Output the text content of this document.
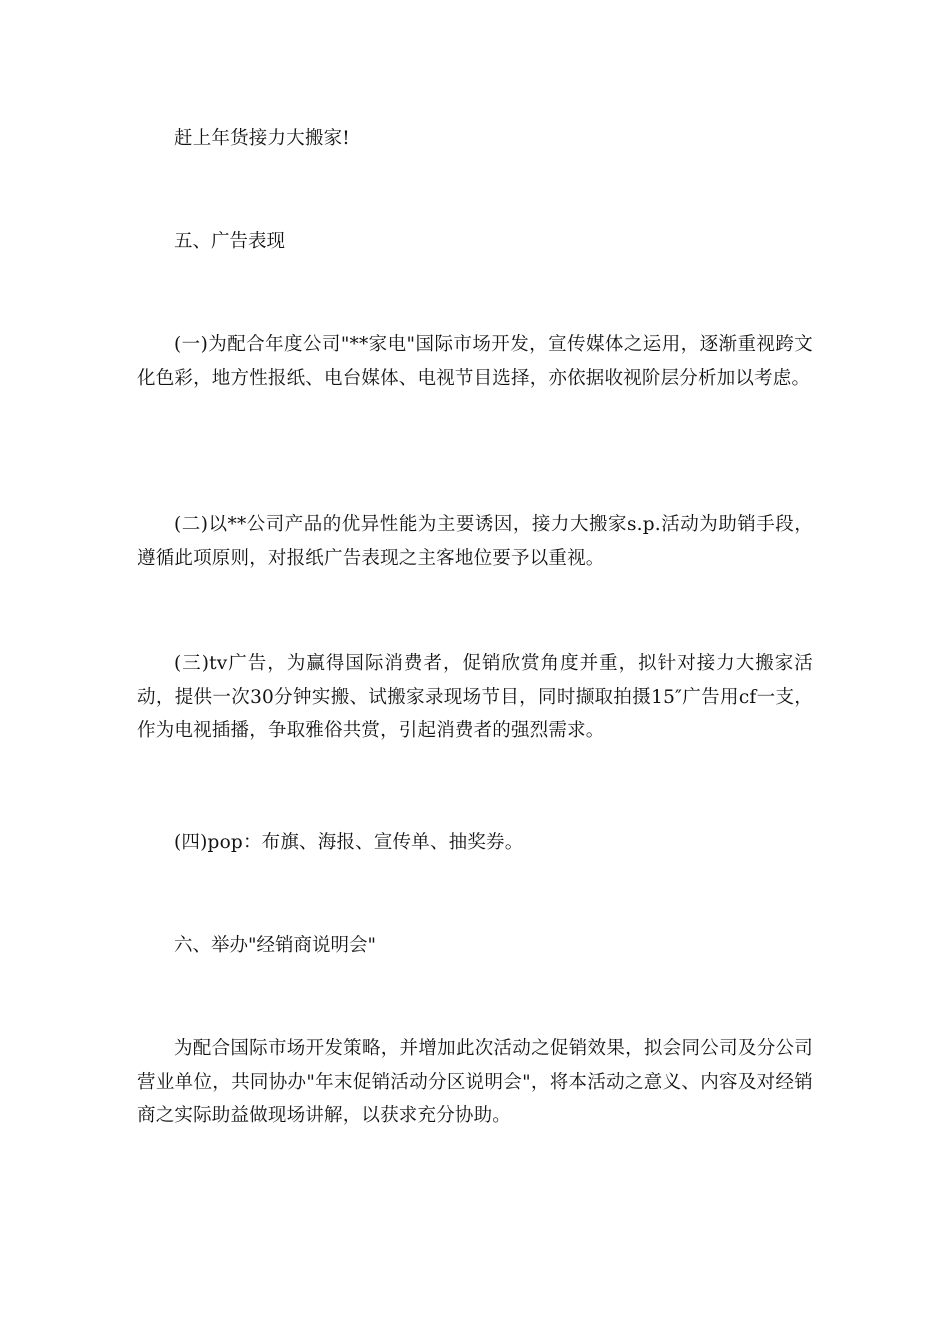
赶上年货接力大搬家!

五、广告表现

(一)为配合年度公司"**家电"国际市场开发，宣传媒体之运用，逐渐重视跨文化色彩，地方性报纸、电台媒体、电视节目选择，亦依据收视阶层分析加以考虑。

(二)以**公司产品的优异性能为主要诱因，接力大搬家s.p.活动为助销手段，遵循此项原则，对报纸广告表现之主客地位要予以重视。

(三)tv广告，为赢得国际消费者，促销欣赏角度并重，拟针对接力大搬家活动，提供一次30分钟实搬、试搬家录现场节目，同时撷取拍摄15″广告用cf一支，作为电视插播，争取雅俗共赏，引起消费者的强烈需求。

(四)pop：布旗、海报、宣传单、抽奖券。

六、举办"经销商说明会"

为配合国际市场开发策略，并增加此次活动之促销效果，拟会同公司及分公司营业单位，共同协办"年末促销活动分区说明会"，将本活动之意义、内容及对经销商之实际助益做现场讲解，以获求充分协助。
